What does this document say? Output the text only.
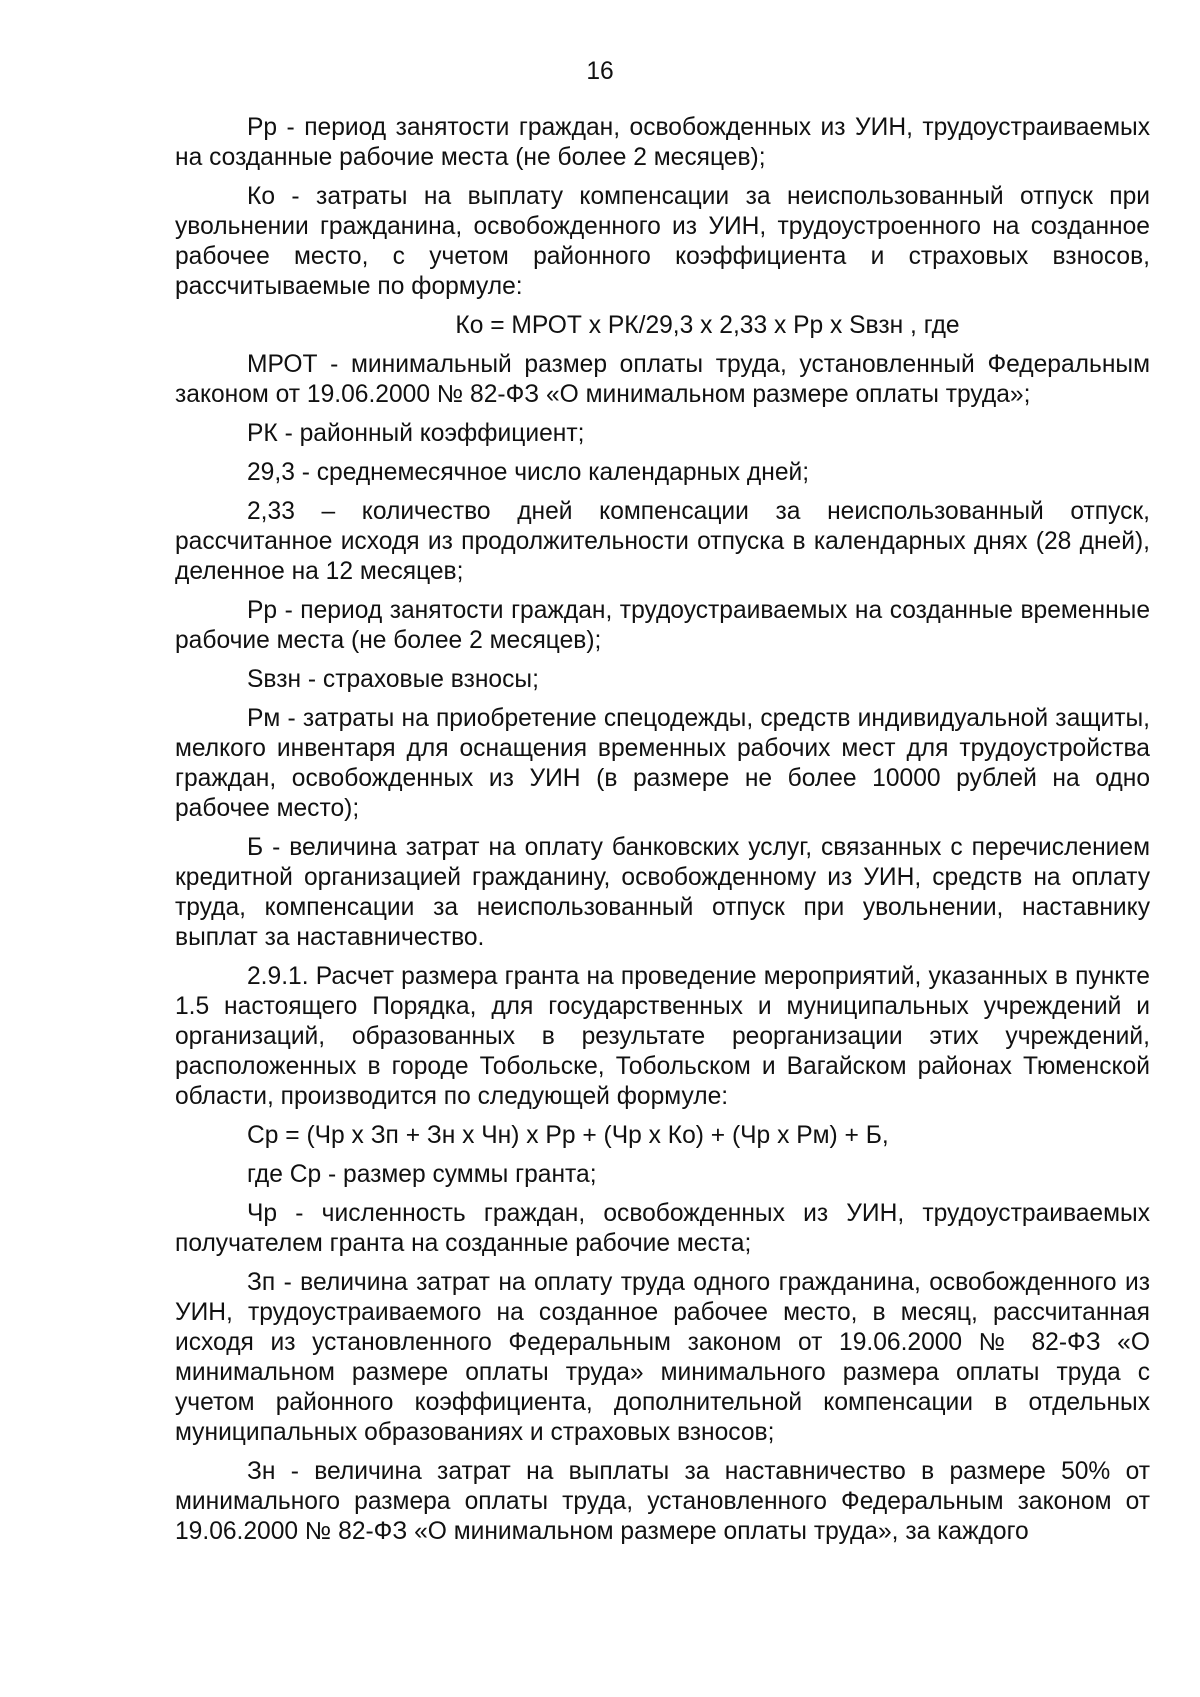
16

Рр - период занятости граждан, освобожденных из УИН, трудоустраиваемых на созданные рабочие места (не более 2 месяцев);

Ко - затраты на выплату компенсации за неиспользованный отпуск при увольнении гражданина, освобожденного из УИН, трудоустроенного на созданное рабочее место, с учетом районного коэффициента и страховых взносов, рассчитываемые по формуле:

Ко = МРОТ х РК/29,3 х 2,33 х Рр х Sвзн , где

МРОТ - минимальный размер оплаты труда, установленный Федеральным законом от 19.06.2000 № 82-ФЗ «О минимальном размере оплаты труда»;

РК - районный коэффициент;

29,3 - среднемесячное число календарных дней;

2,33 – количество дней компенсации за неиспользованный отпуск, рассчитанное исходя из продолжительности отпуска в календарных днях (28 дней), деленное на 12 месяцев;

Рр - период занятости граждан, трудоустраиваемых на созданные временные рабочие места (не более 2 месяцев);

Sвзн - страховые взносы;

Рм - затраты на приобретение спецодежды, средств индивидуальной защиты, мелкого инвентаря для оснащения временных рабочих мест для трудоустройства граждан, освобожденных из УИН (в размере не более 10000 рублей на одно рабочее место);

Б - величина затрат на оплату банковских услуг, связанных с перечислением кредитной организацией гражданину, освобожденному из УИН, средств на оплату труда, компенсации за неиспользованный отпуск при увольнении, наставнику выплат за наставничество.

2.9.1. Расчет размера гранта на проведение мероприятий, указанных в пункте 1.5 настоящего Порядка, для государственных и муниципальных учреждений и организаций, образованных в результате реорганизации этих учреждений, расположенных в городе Тобольске, Тобольском и Вагайском районах Тюменской области, производится по следующей формуле:

Ср = (Чр х Зп + Зн х Чн) х Рр + (Чр х Ко) + (Чр х Рм) + Б,

где Ср - размер суммы гранта;

Чр - численность граждан, освобожденных из УИН, трудоустраиваемых получателем гранта на созданные рабочие места;

Зп - величина затрат на оплату труда одного гражданина, освобожденного из УИН, трудоустраиваемого на созданное рабочее место, в месяц, рассчитанная исходя из установленного Федеральным законом от 19.06.2000 № 82-ФЗ «О минимальном размере оплаты труда» минимального размера оплаты труда с учетом районного коэффициента, дополнительной компенсации в отдельных муниципальных образованиях и страховых взносов;

Зн - величина затрат на выплаты за наставничество в размере 50% от минимального размера оплаты труда, установленного Федеральным законом от 19.06.2000 № 82-ФЗ «О минимальном размере оплаты труда», за каждого
